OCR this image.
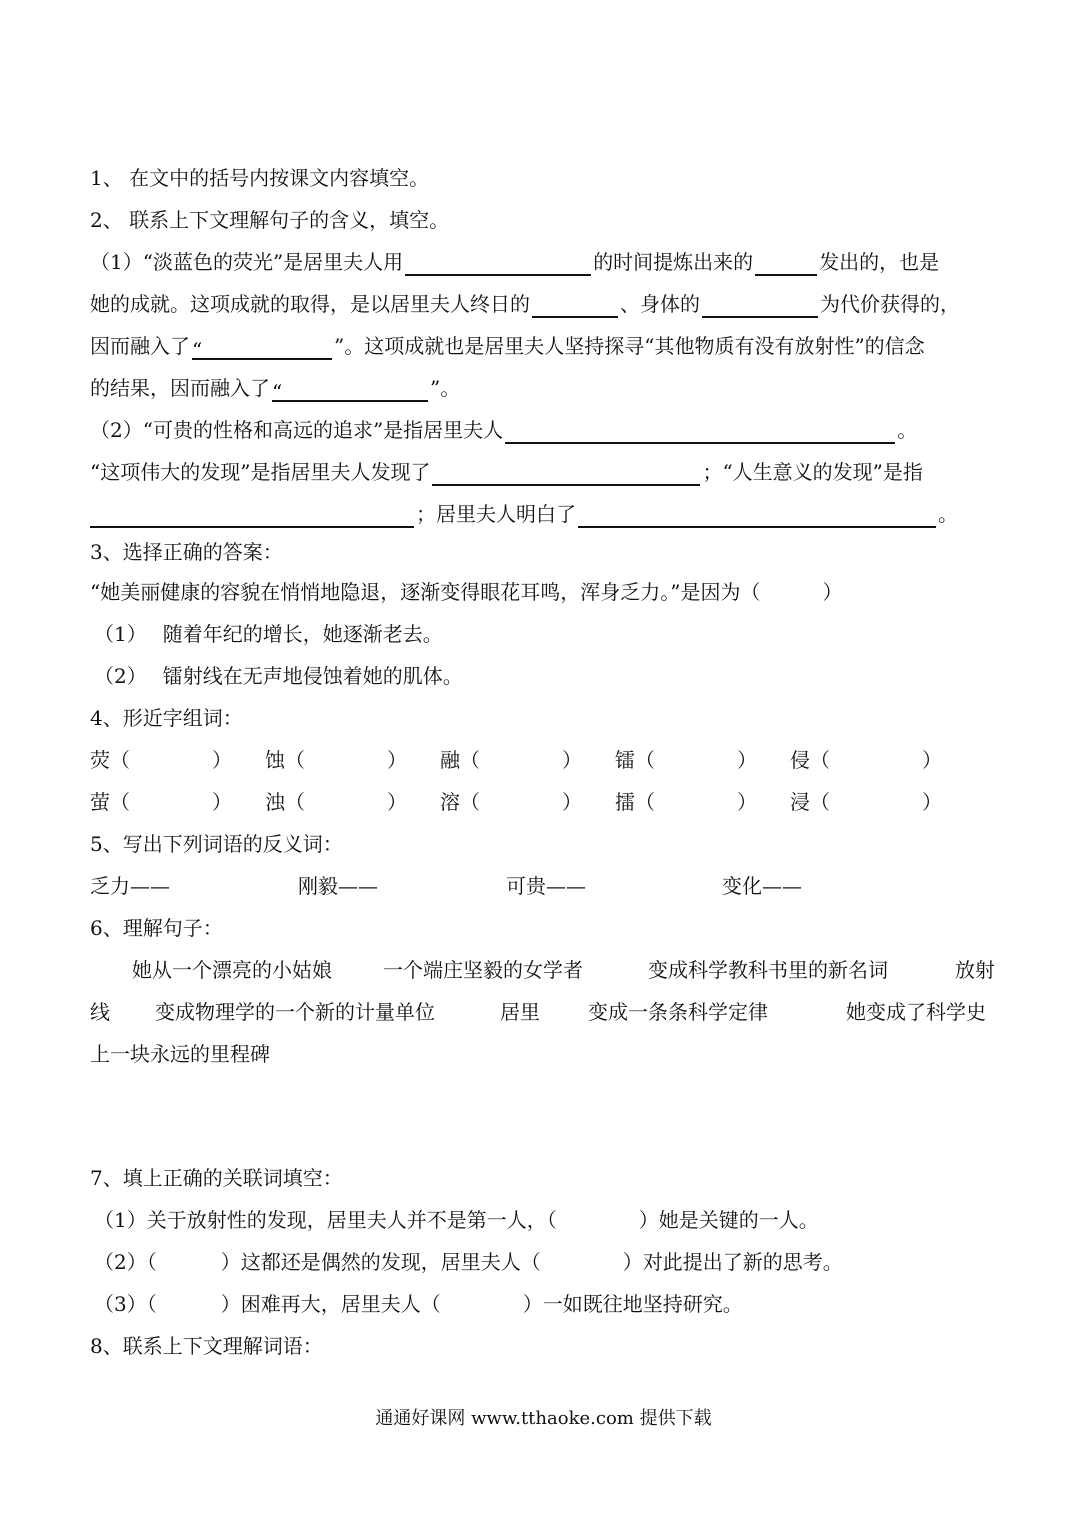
1、 在文中的括号内按课文内容填空。
2、 联系上下文理解句子的含义，填空。
（1）“淡蓝色的荧光”是居里夫人用	的时间提炼出来的	发出的，也是
她的成就。这项成就的取得，是以居里夫人终日的	、身体的	为代价获得的，
因而融入了 “	”。这项成就也是居里夫人坚持探寻“其他物质有没有放射性”的信念
的结果，因而融入了 “	”。
（2）“可贵的性格和高远的追求”是指居里夫人	。
“这项伟大的发现”是指居里夫人发现了	；“人生意义的发现”是指
；居里夫人明白了	。
3、选择正确的答案：
“她美丽健康的容貌在悄悄地隐退，逐渐变得眼花耳鸣，浑身乏力。”是因为（	）
（1） 随着年纪的增长，她逐渐老去。
（2） 镭射线在无声地侵蚀着她的肌体。
4、形近字组词：
荧（	） 蚀（	） 融（	） 镭（	） 侵（	）
萤（	） 浊（	） 溶（	） 擂（	） 浸（	）
5、写出下列词语的反义词：
乏力——	刚毅——	可贵——	变化——
6、理解句子：
她从一个漂亮的小姑娘	一个端庄坚毅的女学者	变成科学教科书里的新名词	放射
线 变成物理学的一个新的计量单位	居里 变成一条条科学定律	她变成了科学史
上一块永远的里程碑
7、填上正确的关联词填空：
（1）关于放射性的发现，居里夫人并不是第一人，（	）她是关键的一人。
（2）（	）这都还是偶然的发现，居里夫人（	）对此提出了新的思考。
（3）（	）困难再大，居里夫人（	）一如既往地坚持研究。
8、联系上下文理解词语：
通通好课网 www.tthaoke.com 提供下载
